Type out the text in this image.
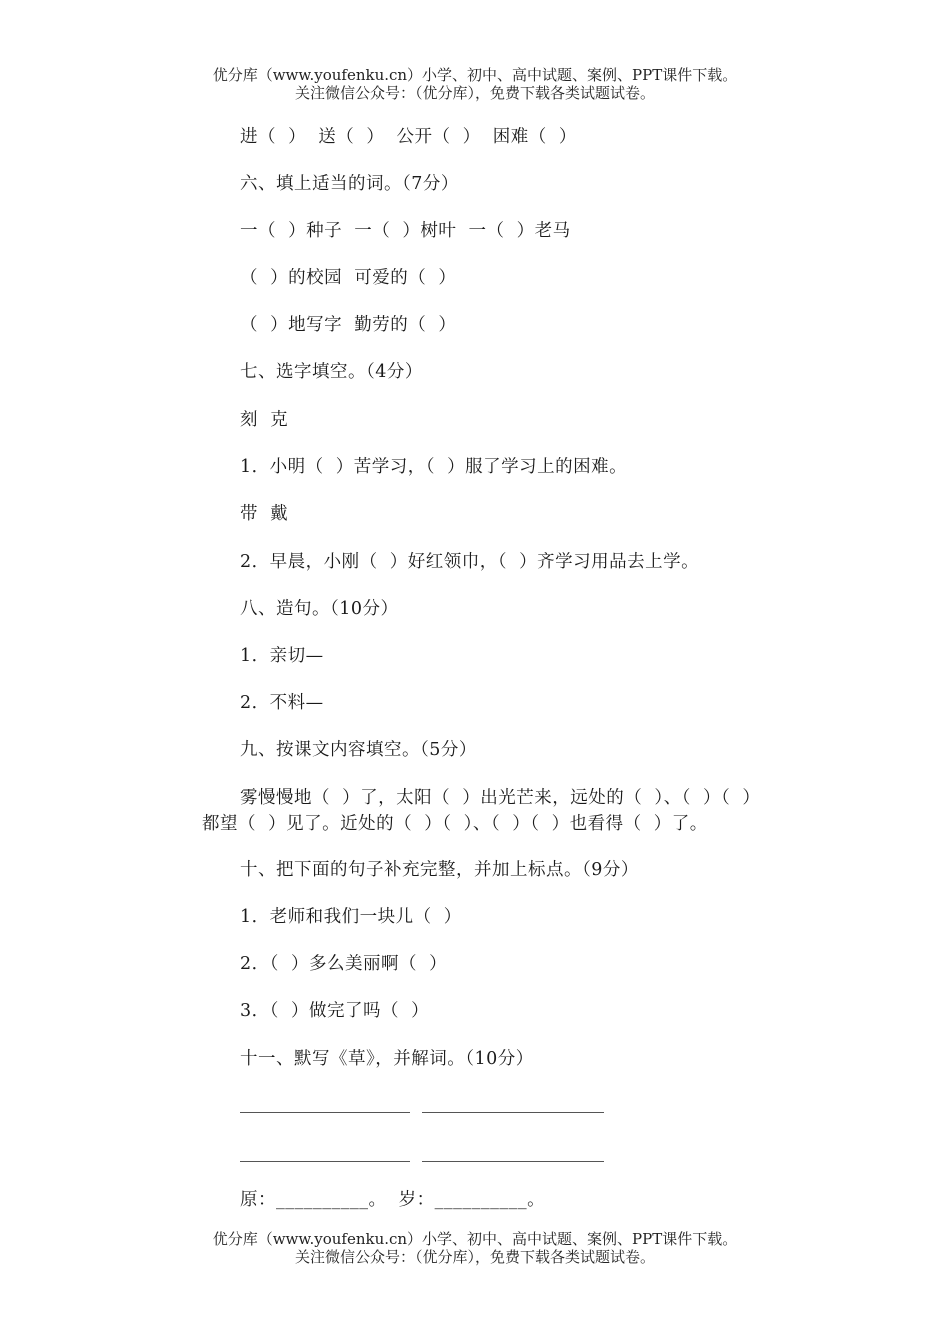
优分库（www.youfenku.cn）小学、初中、高中试题、案例、PPT课件下载。
关注微信公众号：（优分库），免费下载各类试题试卷。
进（  ）  送（  ）  公开（  ）  困难（  ）
六、填上适当的词。（7分）
一（  ）种子  一（  ）树叶  一（  ）老马
（  ）的校园  可爱的（  ）
（  ）地写字  勤劳的（  ）
七、选字填空。（4分）
刻  克
1．小明（  ）苦学习，（  ）服了学习上的困难。
带  戴
2．早晨，小刚（  ）好红领巾，（  ）齐学习用品去上学。
八、造句。（10分）
1．亲切—
2．不料—
九、按课文内容填空。（5分）
雾慢慢地（  ）了，太阳（  ）出光芒来，远处的（  ）、（  ）（  ）
都望（  ）见了。近处的（  ）（  ）、（  ）（  ）也看得（  ）了。
十、把下面的句子补充完整，并加上标点。（9分）
1．老师和我们一块儿（  ）
2．（  ）多么美丽啊（  ）
3．（  ）做完了吗（  ）
十一、默写《草》，并解词。（10分）
原：__________。  岁：__________。
优分库（www.youfenku.cn）小学、初中、高中试题、案例、PPT课件下载。
关注微信公众号：（优分库），免费下载各类试题试卷。
